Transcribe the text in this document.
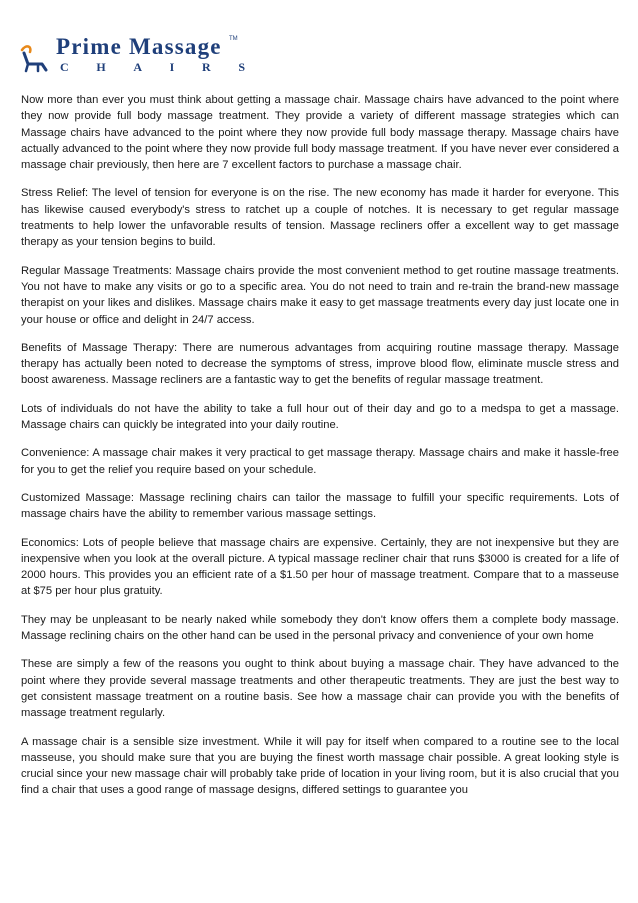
Prime Massage TM
C H A I R S

Now more than ever you must think about getting a massage chair. Massage chairs have advanced to the point where they now provide full body massage treatment. They provide a variety of different massage strategies which can Massage chairs have advanced to the point where they now provide full body massage therapy. Massage chairs have actually advanced to the point where they now provide full body massage treatment. If you have never ever considered a massage chair previously, then here are 7 excellent factors to purchase a massage chair.

Stress Relief: The level of tension for everyone is on the rise. The new economy has made it harder for everyone. This has likewise caused everybody's stress to ratchet up a couple of notches. It is necessary to get regular massage treatments to help lower the unfavorable results of tension. Massage recliners offer a excellent way to get massage therapy as your tension begins to build.

Regular Massage Treatments: Massage chairs provide the most convenient method to get routine massage treatments. You not have to make any visits or go to a specific area. You do not need to train and re-train the brand-new massage therapist on your likes and dislikes. Massage chairs make it easy to get massage treatments every day just locate one in your house or office and delight in 24/7 access.

Benefits of Massage Therapy: There are numerous advantages from acquiring routine massage therapy. Massage therapy has actually been noted to decrease the symptoms of stress, improve blood flow, eliminate muscle stress and boost awareness. Massage recliners are a fantastic way to get the benefits of regular massage treatment.

Lots of individuals do not have the ability to take a full hour out of their day and go to a medspa to get a massage. Massage chairs can quickly be integrated into your daily routine.

Convenience: A massage chair makes it very practical to get massage therapy. Massage chairs and make it hassle-free for you to get the relief you require based on your schedule.

Customized Massage: Massage reclining chairs can tailor the massage to fulfill your specific requirements. Lots of massage chairs have the ability to remember various massage settings.

Economics: Lots of people believe that massage chairs are expensive. Certainly, they are not inexpensive but they are inexpensive when you look at the overall picture. A typical massage recliner chair that runs $3000 is created for a life of 2000 hours. This provides you an efficient rate of a $1.50 per hour of massage treatment. Compare that to a masseuse at $75 per hour plus gratuity.

They may be unpleasant to be nearly naked while somebody they don't know offers them a complete body massage. Massage reclining chairs on the other hand can be used in the personal privacy and convenience of your own home

These are simply a few of the reasons you ought to think about buying a massage chair. They have advanced to the point where they provide several massage treatments and other therapeutic treatments. They are just the best way to get consistent massage treatment on a routine basis. See how a massage chair can provide you with the benefits of massage treatment regularly.

A massage chair is a sensible size investment. While it will pay for itself when compared to a routine see to the local masseuse, you should make sure that you are buying the finest worth massage chair possible. A great looking style is crucial since your new massage chair will probably take pride of location in your living room, but it is also crucial that you find a chair that uses a good range of massage designs, differed settings to guarantee you
